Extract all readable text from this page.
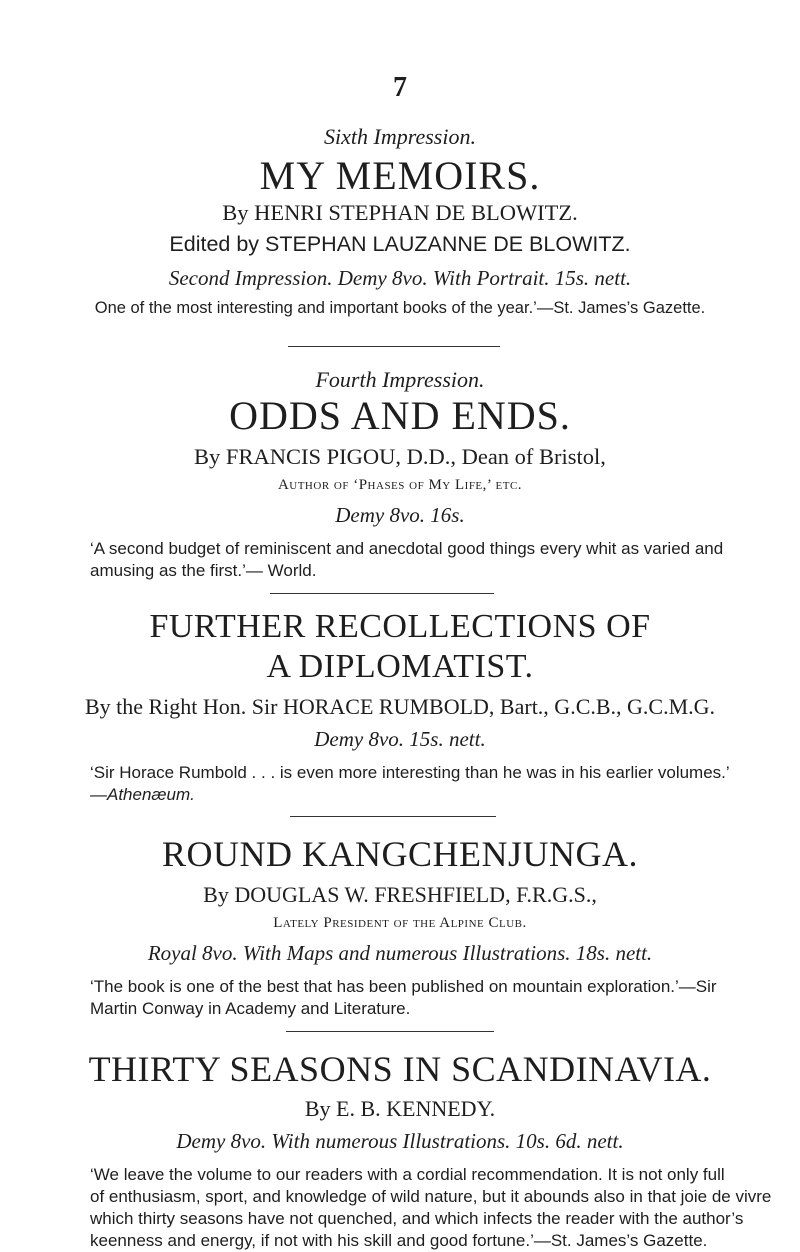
7
Sixth Impression.
MY MEMOIRS.
By HENRI STEPHAN DE BLOWITZ.
Edited by STEPHAN LAUZANNE DE BLOWITZ.
Second Impression. Demy 8vo. With Portrait. 15s. nett.
One of the most interesting and important books of the year.’—St. James’s Gazette.
Fourth Impression.
ODDS AND ENDS.
By FRANCIS PIGOU, D.D., Dean of Bristol,
Author of ‘Phases of My Life,’ etc.
Demy 8vo. 16s.
‘A second budget of reminiscent and anecdotal good things every whit as varied and
amusing as the first.’— World.
FURTHER RECOLLECTIONS OF
A DIPLOMATIST.
By the Right Hon. Sir HORACE RUMBOLD, Bart., G.C.B., G.C.M.G.
Demy 8vo. 15s. nett.
‘Sir Horace Rumbold . . . is even more interesting than he was in his earlier volumes.’
—Athenæum.
ROUND KANGCHENJUNGA.
By DOUGLAS W. FRESHFIELD, F.R.G.S.,
Lately President of the Alpine Club.
Royal 8vo. With Maps and numerous Illustrations. 18s. nett.
‘The book is one of the best that has been published on mountain exploration.’—Sir
Martin Conway in Academy and Literature.
THIRTY SEASONS IN SCANDINAVIA.
By E. B. KENNEDY.
Demy 8vo. With numerous Illustrations. 10s. 6d. nett.
‘We leave the volume to our readers with a cordial recommendation. It is not only full
of enthusiasm, sport, and knowledge of wild nature, but it abounds also in that joie de vivre
which thirty seasons have not quenched, and which infects the reader with the author’s
keenness and energy, if not with his skill and good fortune.’—St. James’s Gazette.
